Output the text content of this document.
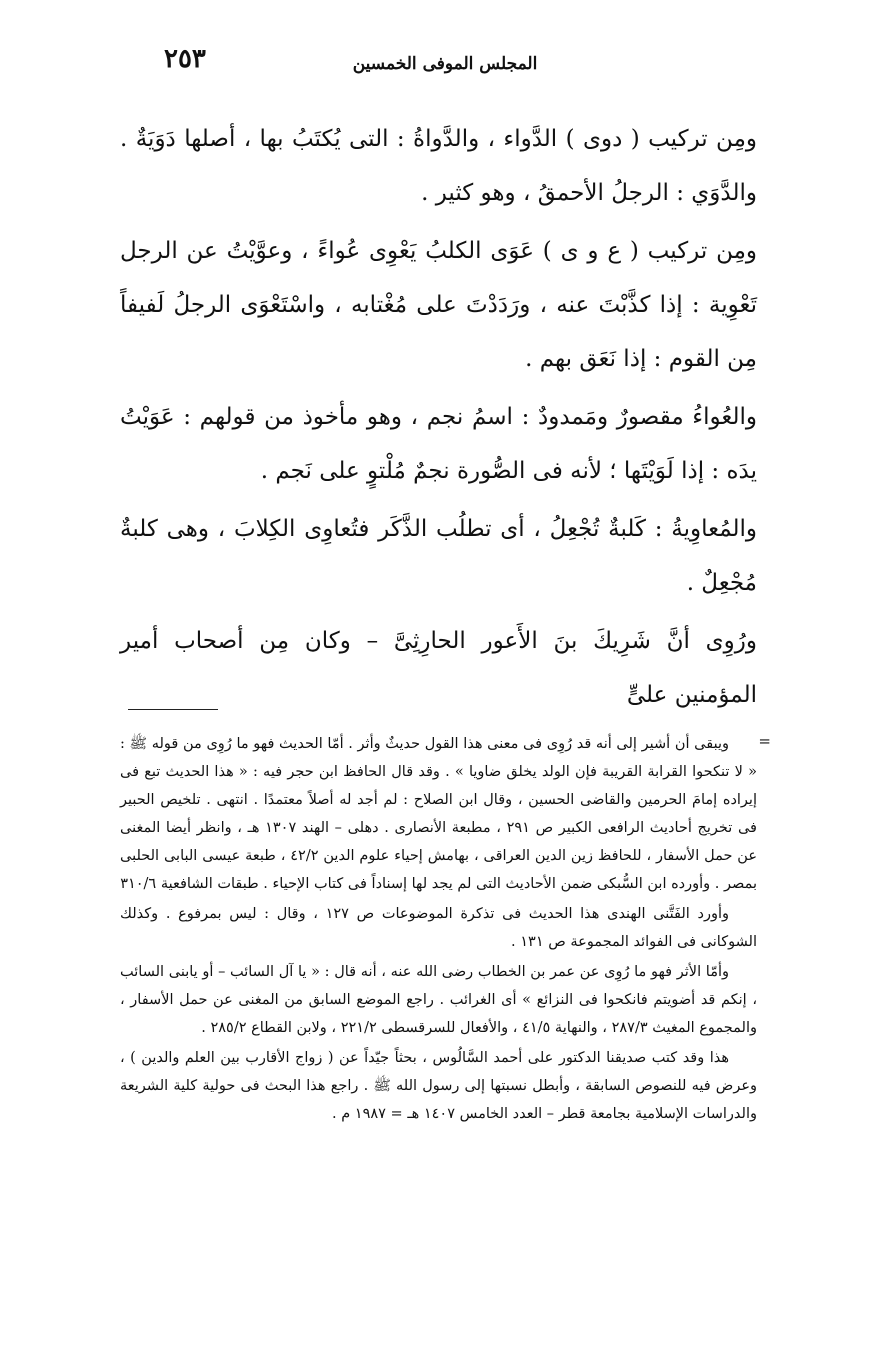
٢٥٣	المجلس الموفى الخمسين

ومِن تركيب ( دوى ) الدَّواء ، والدَّواةُ : التى يُكتَبُ بها ، أصلها دَوَيَةٌ . والدَّوَي : الرجلُ الأحمقُ ، وهو كثير .

ومِن تركيب ( ع و ى ) عَوَى الكلبُ يَعْوِى عُواءً ، وعوَّيْتُ عن الرجل تَعْوِية : إذا كذَّبْتَ عنه ، ورَدَدْتَ على مُغْتابه ، واسْتَعْوَى الرجلُ لَفيفاً مِن القوم : إذا نَعَق بهم .

والعُواءُ مقصورٌ ومَمدودٌ : اسمُ نجم ، وهو مأخوذ من قولهم : عَوَيْتُ يدَه : إذا لَوَيْتَها ؛ لأنه فى الصُّورة نجمٌ مُلْتوٍ على نَجم .

والمُعاوِيةُ : كَلبةٌ تُجْعِلُ ، أى تطلُب الذَّكَر فتُعاوِى الكِلابَ ، وهى كلبةٌ مُجْعِلٌ .

ورُوِى أنَّ شَرِيكَ بنَ الأَعور الحارِثِىَّ – وكان مِن أصحاب أمير المؤمنين علىٍّ

=

ويبقى أن أشير إلى أنه قد رُوِى فى معنى هذا القول حديثٌ وأثر . أمّا الحديث فهو ما رُوِى من قوله ﷺ : « لا تنكحوا القرابة القريبة فإن الولد يخلق ضاويا » . وقد قال الحافظ ابن حجر فيه : « هذا الحديث تبع فى إيراده إمامَ الحرمين والقاضى الحسين ، وقال ابن الصلاح : لم أجد له أصلاً معتمدًا . انتهى . تلخيص الحبير فى تخريج أحاديث الرافعى الكبير ص ٢٩١ ، مطبعة الأنصارى . دهلى – الهند ١٣٠٧ هـ ، وانظر أيضا المغنى عن حمل الأسفار ، للحافظ زين الدين العراقى ، بهامش إحياء علوم الدين ٤٢/٢ ، طبعة عيسى البابى الحلبى بمصر . وأورده ابن السُّبكى ضمن الأحاديث التى لم يجد لها إسناداً فى كتاب الإحياء . طبقات الشافعية ٣١٠/٦

وأورد الفَتَّنى الهندى هذا الحديث فى تذكرة الموضوعات ص ١٢٧ ، وقال : ليس بمرفوع . وكذلك الشوكانى فى الفوائد المجموعة ص ١٣١ .

وأمّا الأثر فهو ما رُوِى عن عمر بن الخطاب رضى الله عنه ، أنه قال : « يا آل السائب – أو يابنى السائب ، إنكم قد أضويتم فانكحوا فى النزائع » أى الغرائب . راجع الموضع السابق من المغنى عن حمل الأسفار ، والمجموع المغيث ٢٨٧/٣ ، والنهاية ٤١/٥ ، والأفعال للسرقسطى ٢٢١/٢ ، ولابن القطاع ٢٨٥/٢ .

هذا وقد كتب صديقنا الدكتور على أحمد السَّالُوس ، بحثاً جيّداً عن ( زواج الأقارب بين العلم والدين ) ، وعرض فيه للنصوص السابقة ، وأبطل نسبتها إلى رسول الله ﷺ . راجع هذا البحث فى حولية كلية الشريعة والدراسات الإسلامية بجامعة قطر – العدد الخامس ١٤٠٧ هـ = ١٩٨٧ م .
